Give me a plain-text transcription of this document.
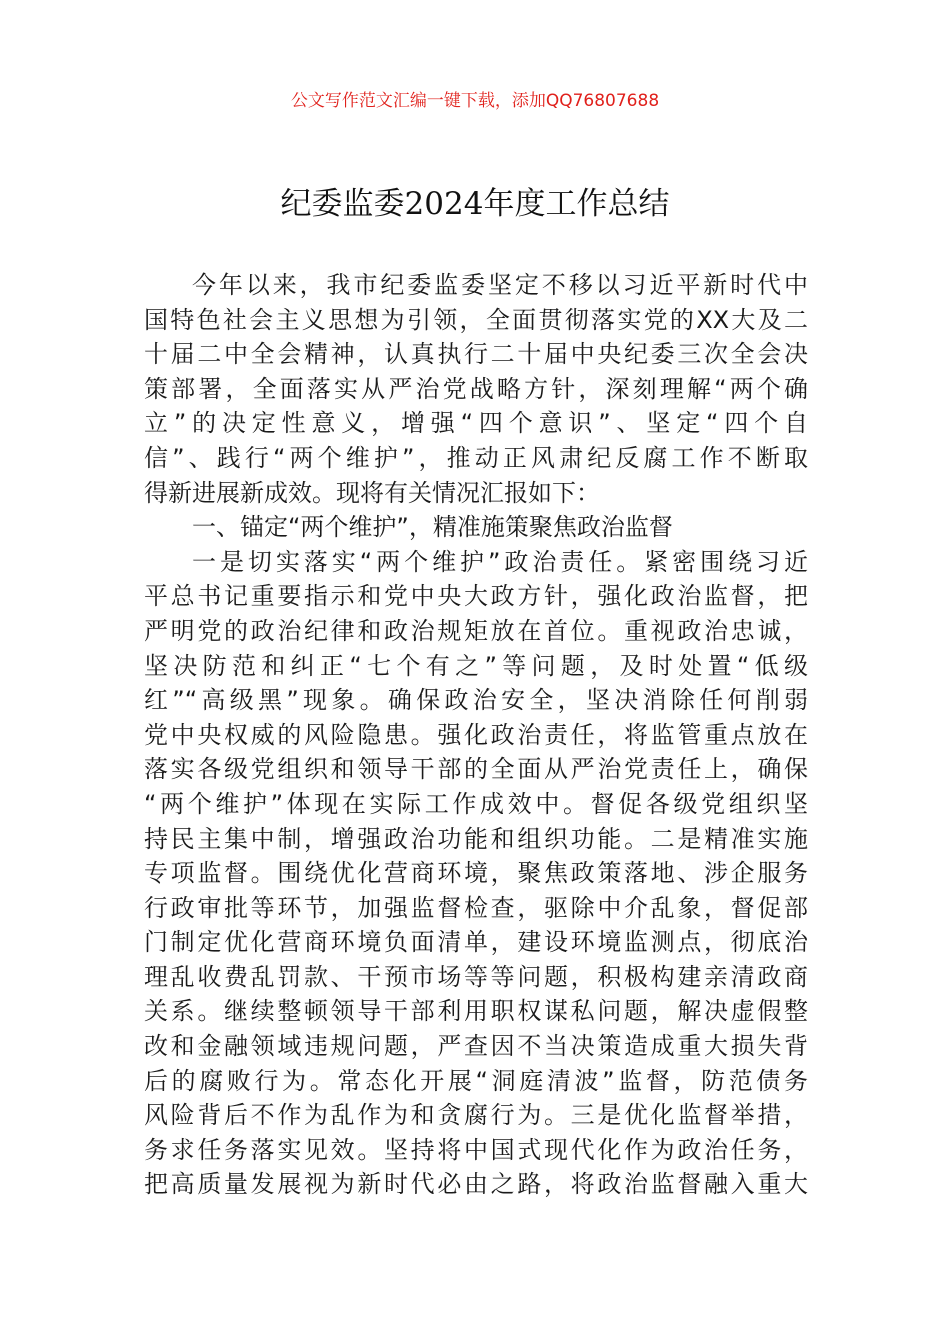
公文写作范文汇编一键下载，添加QQ76807688
纪委监委2024年度工作总结
今年以来，我市纪委监委坚定不移以习近平新时代中
国特色社会主义思想为引领，全面贯彻落实党的XX大及二
十届二中全会精神，认真执行二十届中央纪委三次全会决
策部署，全面落实从严治党战略方针，深刻理解“两个确
立”的决定性意义，增强“四个意识”、坚定“四个自
信”、践行“两个维护”，推动正风肃纪反腐工作不断取
得新进展新成效。现将有关情况汇报如下：
一、锚定“两个维护”，精准施策聚焦政治监督
一是切实落实“两个维护”政治责任。紧密围绕习近
平总书记重要指示和党中央大政方针，强化政治监督，把
严明党的政治纪律和政治规矩放在首位。重视政治忠诚，
坚决防范和纠正“七个有之”等问题，及时处置“低级
红”“高级黑”现象。确保政治安全，坚决消除任何削弱
党中央权威的风险隐患。强化政治责任，将监管重点放在
落实各级党组织和领导干部的全面从严治党责任上，确保
“两个维护”体现在实际工作成效中。督促各级党组织坚
持民主集中制，增强政治功能和组织功能。二是精准实施
专项监督。围绕优化营商环境，聚焦政策落地、涉企服务
行政审批等环节，加强监督检查，驱除中介乱象，督促部
门制定优化营商环境负面清单，建设环境监测点，彻底治
理乱收费乱罚款、干预市场等等问题，积极构建亲清政商
关系。继续整顿领导干部利用职权谋私问题，解决虚假整
改和金融领域违规问题，严查因不当决策造成重大损失背
后的腐败行为。常态化开展“洞庭清波”监督，防范债务
风险背后不作为乱作为和贪腐行为。三是优化监督举措，
务求任务落实见效。坚持将中国式现代化作为政治任务，
把高质量发展视为新时代必由之路，将政治监督融入重大
